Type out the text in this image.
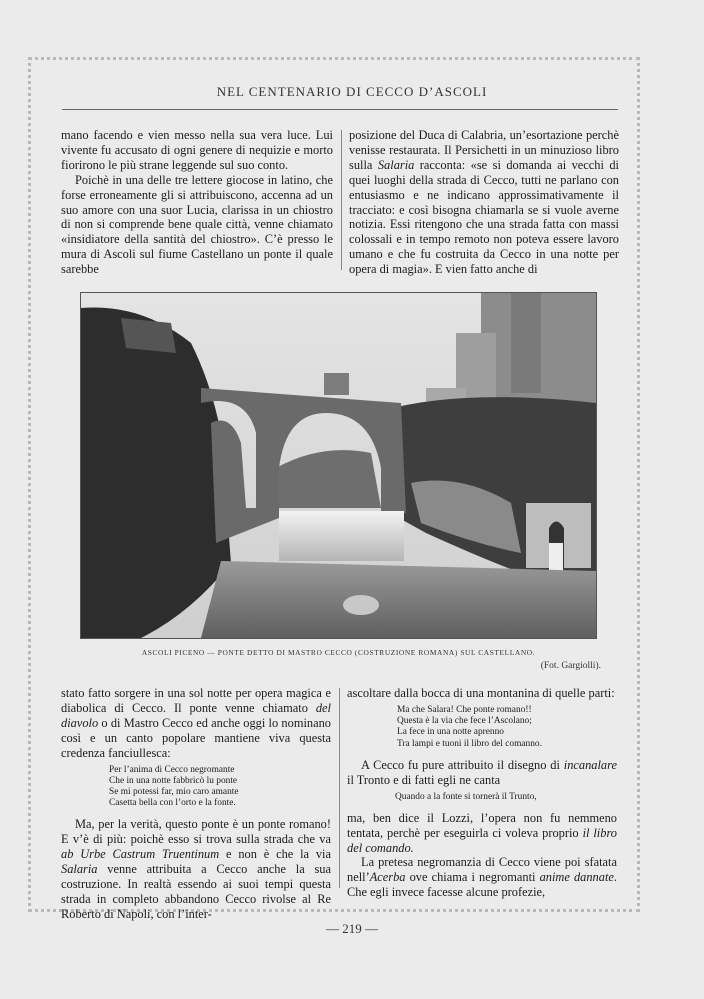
NEL CENTENARIO DI CECCO D’ASCOLI

mano facendo e vien messo nella sua vera luce. Lui vivente fu accusato di ogni genere di nequizie e morto fiorirono le più strane leggende sul suo conto.

Poichè in una delle tre lettere giocose in latino, che forse erroneamente gli si attribuiscono, accenna ad un suo amore con una suor Lucia, clarissa in un chiostro di non si comprende bene quale città, venne chiamato «insidiatore della santità del chiostro». C’è presso le mura di Ascoli sul fiume Castellano un ponte il quale sarebbe

posizione del Duca di Calabria, un’esortazione perchè venisse restaurata. Il Persichetti in un minuzioso libro sulla Salaria racconta: «se si domanda ai vecchi di quei luoghi della strada di Cecco, tutti ne parlano con entusiasmo e ne indicano approssimativamente il tracciato: e così bisogna chiamarla se si vuole averne notizia. Essi ritengono che una strada fatta con massi colossali e in tempo remoto non poteva essere lavoro umano e che fu costruita da Cecco in una notte per opera di magia». E vien fatto anche di

ASCOLI PICENO — PONTE DETTO DI MASTRO CECCO (COSTRUZIONE ROMANA) SUL CASTELLANO.
(Fot. Gargiolli).

stato fatto sorgere in una sol notte per opera magica e diabolica di Cecco. Il ponte venne chiamato del diavolo o di Mastro Cecco ed anche oggi lo nominano così e un canto popolare mantiene viva questa credenza fanciullesca:

Per l’anima di Cecco negromante
Che in una notte fabbricò lu ponte
Se mi potessi far, mio caro amante
Casetta bella con l’orto e la fonte.

Ma, per la verità, questo ponte è un ponte romano! E v’è di più: poichè esso si trova sulla strada che va ab Urbe Castrum Truentinum e non è che la via Salaria venne attribuita a Cecco anche la sua costruzione. In realtà essendo ai suoi tempi questa strada in completo abbandono Cecco rivolse al Re Roberto di Napoli, con l’inter-

ascoltare dalla bocca di una montanina di quelle parti:

Ma che Salara! Che ponte romano!!
Questa è la via che fece l’Ascolano;
La fece in una notte aprenno
Tra lampi e tuoni il libro del comanno.

A Cecco fu pure attribuito il disegno di incanalare il Tronto e di fatti egli ne canta

Quando a la fonte si tornerà il Trunto,

ma, ben dice il Lozzi, l’opera non fu nemmeno tentata, perchè per eseguirla ci voleva proprio il libro del comando.

La pretesa negromanzia di Cecco viene poi sfatata nell’Acerba ove chiama i negromanti anime dannate. Che egli invece facesse alcune profezie,

— 219 —
